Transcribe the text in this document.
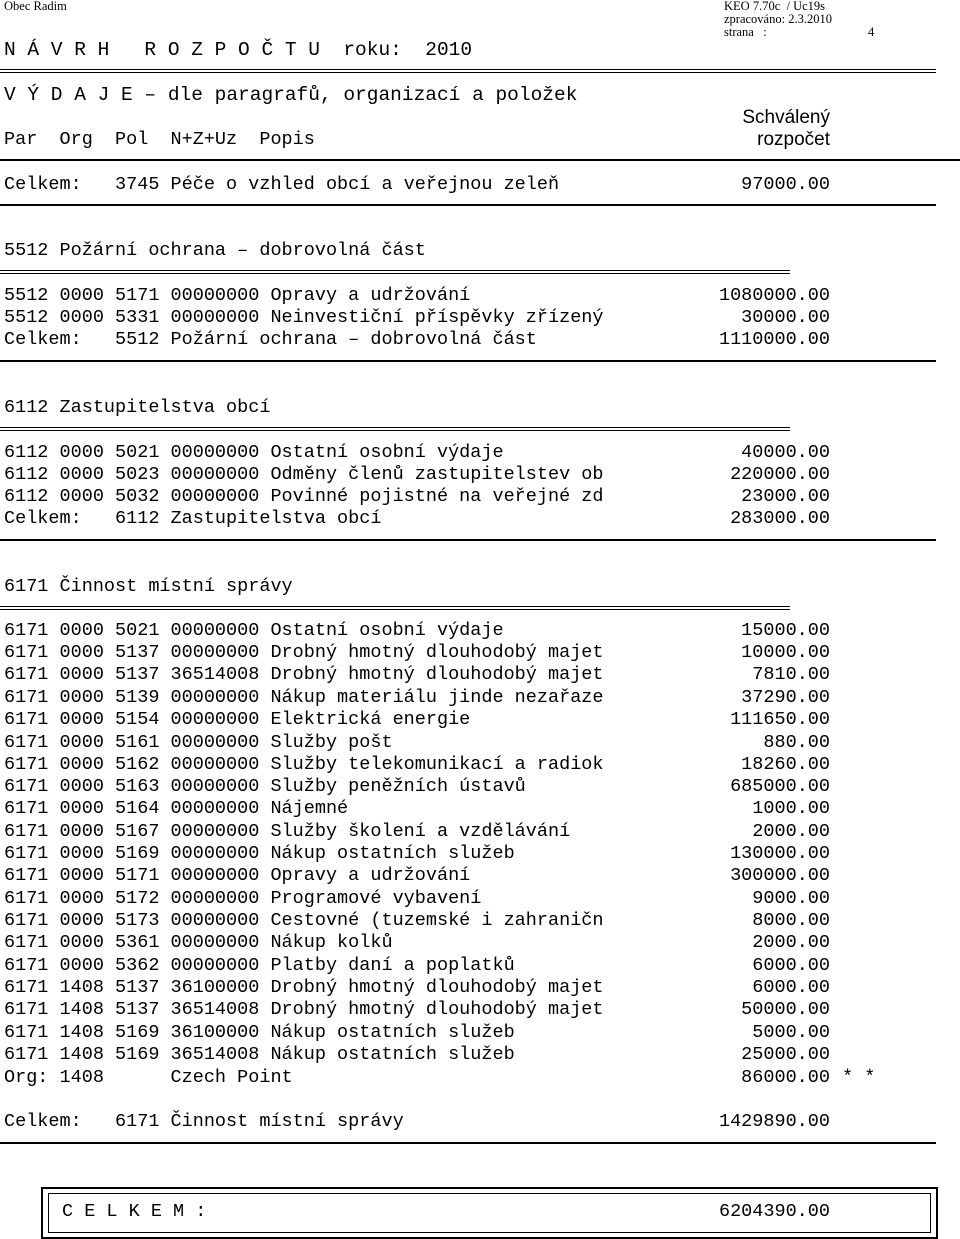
Obec Radim	KEO 7.70c  / Uc19s
zpracováno: 2.3.2010
strana   :	4
N Á V R H   R O Z P O Č T U  roku:  2010
V Ý D A J E – dle paragrafů, organizací a položek
Schválený
Par  Org  Pol  N+Z+Uz  Popis	rozpočet
Celkem:   3745 Péče o vzhled obcí a veřejnou zeleň	97000.00
5512 Požární ochrana – dobrovolná část
5512 0000 5171 00000000 Opravy a udržování	1080000.00
5512 0000 5331 00000000 Neinvestiční příspěvky zřízený	30000.00
Celkem:   5512 Požární ochrana – dobrovolná část	1110000.00
6112 Zastupitelstva obcí
6112 0000 5021 00000000 Ostatní osobní výdaje	40000.00
6112 0000 5023 00000000 Odměny členů zastupitelstev ob	220000.00
6112 0000 5032 00000000 Povinné pojistné na veřejné zd	23000.00
Celkem:   6112 Zastupitelstva obcí	283000.00
6171 Činnost místní správy
6171 0000 5021 00000000 Ostatní osobní výdaje	15000.00
6171 0000 5137 00000000 Drobný hmotný dlouhodobý majet	10000.00
6171 0000 5137 36514008 Drobný hmotný dlouhodobý majet	7810.00
6171 0000 5139 00000000 Nákup materiálu jinde nezařaze	37290.00
6171 0000 5154 00000000 Elektrická energie	111650.00
6171 0000 5161 00000000 Služby pošt	880.00
6171 0000 5162 00000000 Služby telekomunikací a radiok	18260.00
6171 0000 5163 00000000 Služby peněžních ústavů	685000.00
6171 0000 5164 00000000 Nájemné	1000.00
6171 0000 5167 00000000 Služby školení a vzdělávání	2000.00
6171 0000 5169 00000000 Nákup ostatních služeb	130000.00
6171 0000 5171 00000000 Opravy a udržování	300000.00
6171 0000 5172 00000000 Programové vybavení	9000.00
6171 0000 5173 00000000 Cestovné (tuzemské i zahraničn	8000.00
6171 0000 5361 00000000 Nákup kolků	2000.00
6171 0000 5362 00000000 Platby daní a poplatků	6000.00
6171 1408 5137 36100000 Drobný hmotný dlouhodobý majet	6000.00
6171 1408 5137 36514008 Drobný hmotný dlouhodobý majet	50000.00
6171 1408 5169 36100000 Nákup ostatních služeb	5000.00
6171 1408 5169 36514008 Nákup ostatních služeb	25000.00
Org: 1408      Czech Point	86000.00 * *
Celkem:   6171 Činnost místní správy	1429890.00
C E L K E M :	6204390.00
